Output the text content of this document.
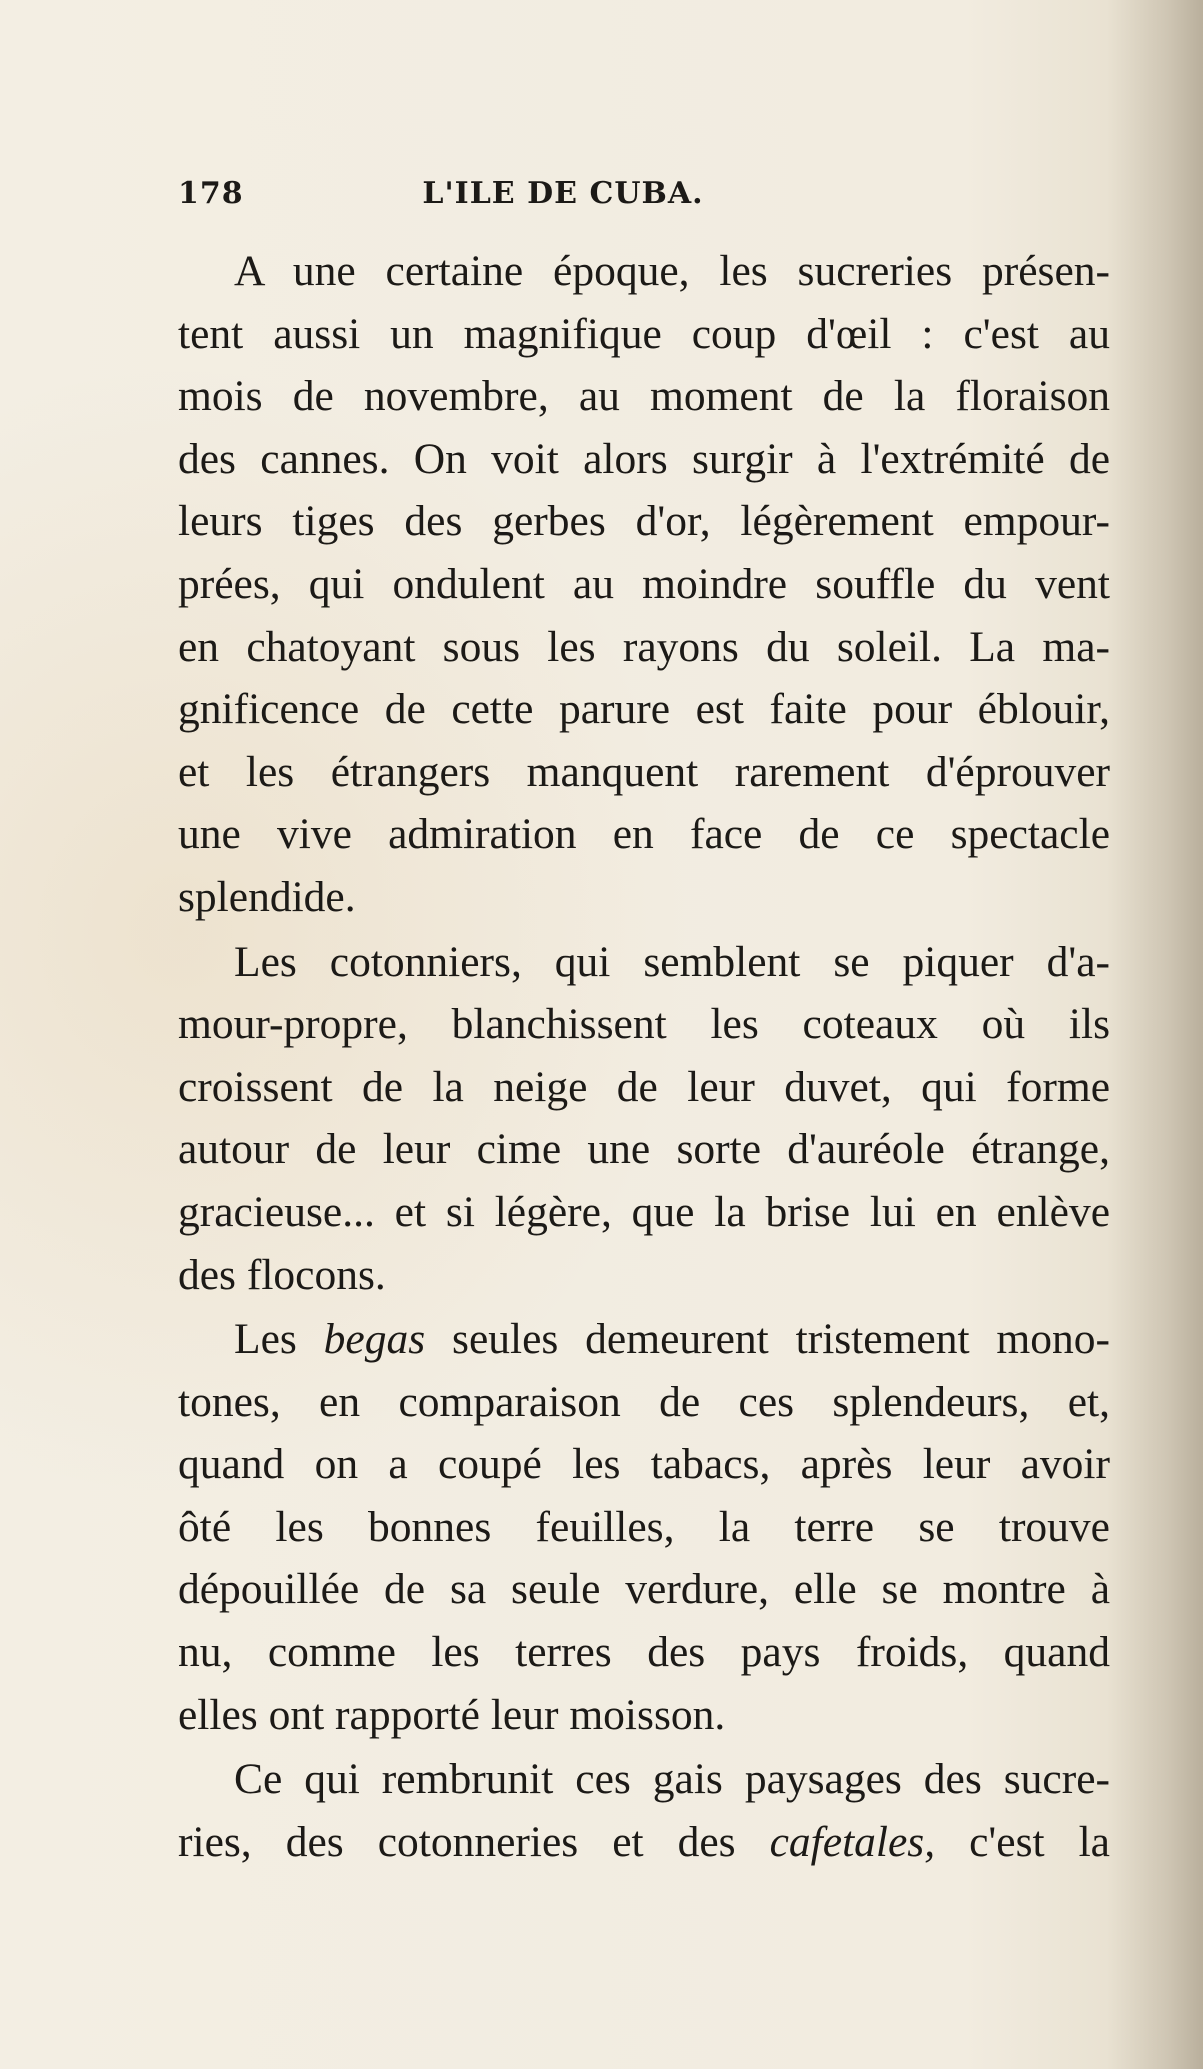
178	L'ILE DE CUBA.
A une certaine époque, les sucreries présen-
tent aussi un magnifique coup d'œil : c'est au
mois de novembre, au moment de la floraison
des cannes. On voit alors surgir à l'extrémité de
leurs tiges des gerbes d'or, légèrement empour-
prées, qui ondulent au moindre souffle du vent
en chatoyant sous les rayons du soleil. La ma-
gnificence de cette parure est faite pour éblouir,
et les étrangers manquent rarement d'éprouver
une vive admiration en face de ce spectacle
splendide.
Les cotonniers, qui semblent se piquer d'a-
mour-propre, blanchissent les coteaux où ils
croissent de la neige de leur duvet, qui forme
autour de leur cime une sorte d'auréole étrange,
gracieuse... et si légère, que la brise lui en enlève
des flocons.
Les begas seules demeurent tristement mono-
tones, en comparaison de ces splendeurs, et,
quand on a coupé les tabacs, après leur avoir
ôté les bonnes feuilles, la terre se trouve
dépouillée de sa seule verdure, elle se montre à
nu, comme les terres des pays froids, quand
elles ont rapporté leur moisson.
Ce qui rembrunit ces gais paysages des sucre-
ries, des cotonneries et des cafetales, c'est la
